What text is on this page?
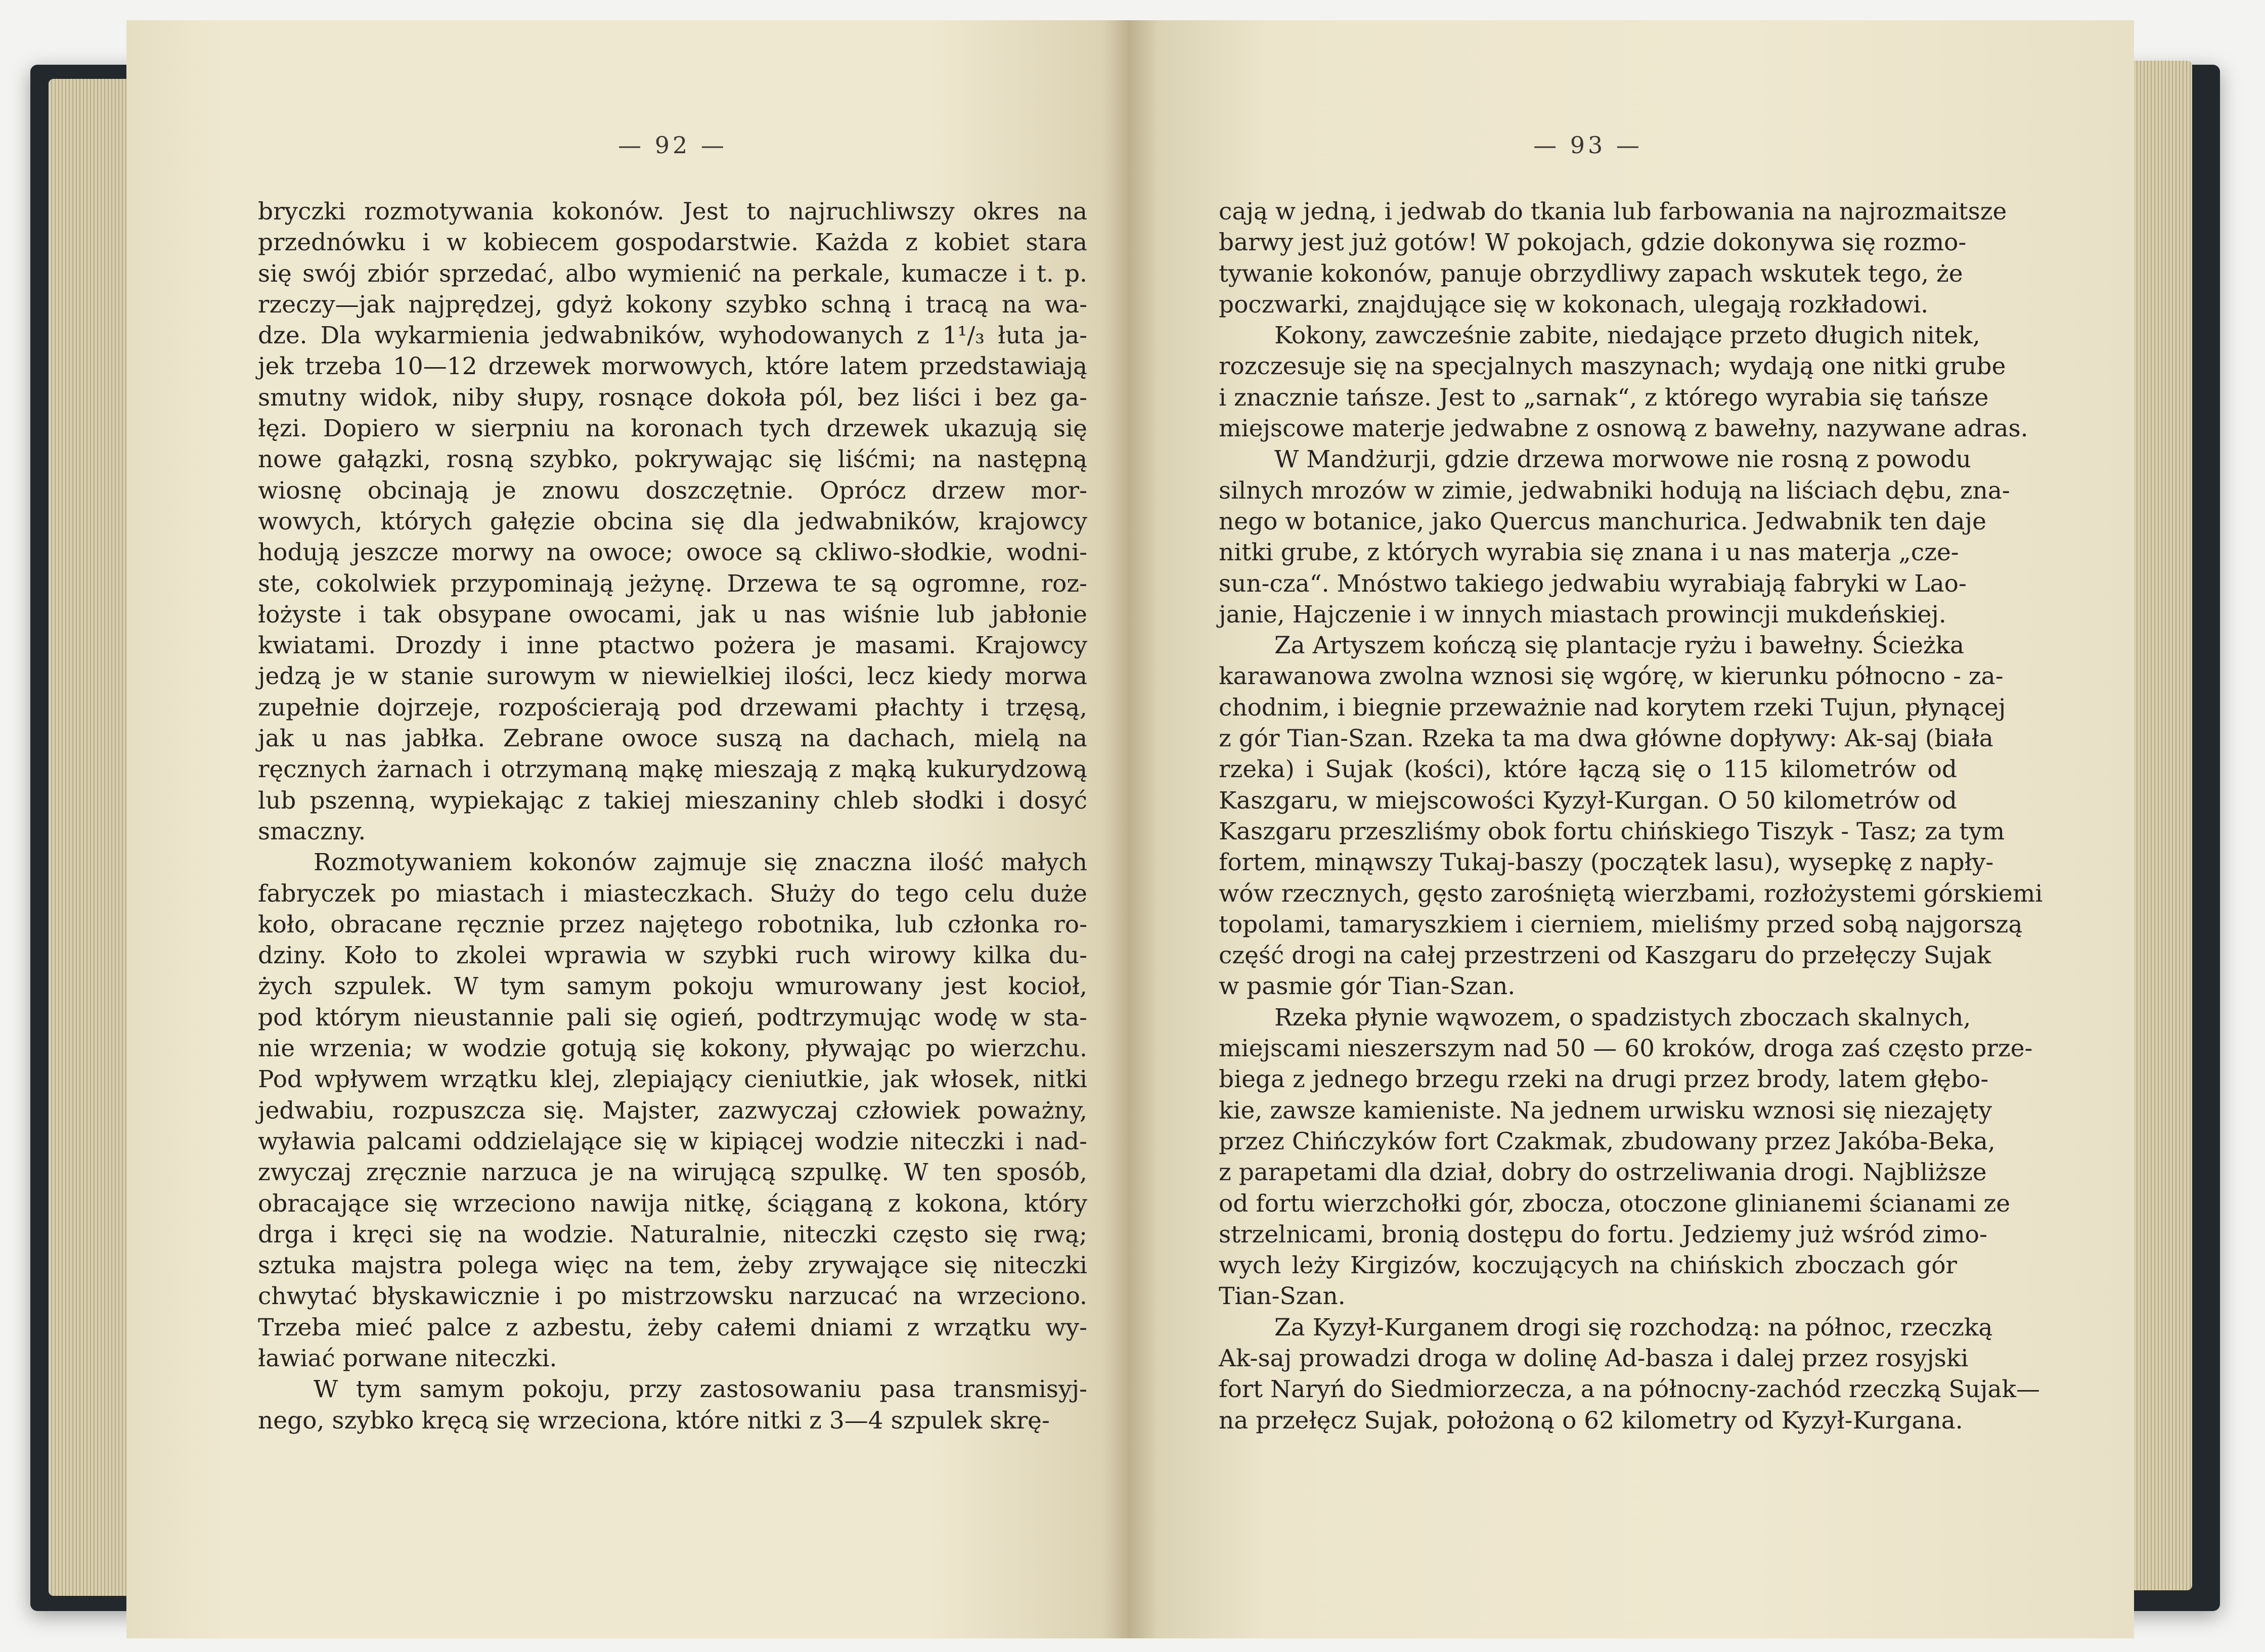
— 92 —
bryczki rozmotywania kokonów. Jest to najruchliwszy okres na
przednówku i w kobiecem gospodarstwie. Każda z kobiet stara
się swój zbiór sprzedać, albo wymienić na perkale, kumacze i t. p.
rzeczy—jak najprędzej, gdyż kokony szybko schną i tracą na wa-
dze. Dla wykarmienia jedwabników, wyhodowanych z 1¹/₃ łuta ja-
jek trzeba 10—12 drzewek morwowych, które latem przedstawiają
smutny widok, niby słupy, rosnące dokoła pól, bez liści i bez ga-
łęzi. Dopiero w sierpniu na koronach tych drzewek ukazują się
nowe gałązki, rosną szybko, pokrywając się liśćmi; na następną
wiosnę obcinają je znowu doszczętnie. Oprócz drzew mor-
wowych, których gałęzie obcina się dla jedwabników, krajowcy
hodują jeszcze morwy na owoce; owoce są ckliwo-słodkie, wodni-
ste, cokolwiek przypominają jeżynę. Drzewa te są ogromne, roz-
łożyste i tak obsypane owocami, jak u nas wiśnie lub jabłonie
kwiatami. Drozdy i inne ptactwo pożera je masami. Krajowcy
jedzą je w stanie surowym w niewielkiej ilości, lecz kiedy morwa
zupełnie dojrzeje, rozpościerają pod drzewami płachty i trzęsą,
jak u nas jabłka. Zebrane owoce suszą na dachach, mielą na
ręcznych żarnach i otrzymaną mąkę mieszają z mąką kukurydzową
lub pszenną, wypiekając z takiej mieszaniny chleb słodki i dosyć
smaczny.
Rozmotywaniem kokonów zajmuje się znaczna ilość małych
fabryczek po miastach i miasteczkach. Służy do tego celu duże
koło, obracane ręcznie przez najętego robotnika, lub członka ro-
dziny. Koło to zkolei wprawia w szybki ruch wirowy kilka du-
żych szpulek. W tym samym pokoju wmurowany jest kocioł,
pod którym nieustannie pali się ogień, podtrzymując wodę w sta-
nie wrzenia; w wodzie gotują się kokony, pływając po wierzchu.
Pod wpływem wrzątku klej, zlepiający cieniutkie, jak włosek, nitki
jedwabiu, rozpuszcza się. Majster, zazwyczaj człowiek poważny,
wyławia palcami oddzielające się w kipiącej wodzie niteczki i nad-
zwyczaj zręcznie narzuca je na wirującą szpulkę. W ten sposób,
obracające się wrzeciono nawija nitkę, ściąganą z kokona, który
drga i kręci się na wodzie. Naturalnie, niteczki często się rwą;
sztuka majstra polega więc na tem, żeby zrywające się niteczki
chwytać błyskawicznie i po mistrzowsku narzucać na wrzeciono.
Trzeba mieć palce z azbestu, żeby całemi dniami z wrzątku wy-
ławiać porwane niteczki.
W tym samym pokoju, przy zastosowaniu pasa transmisyj-
nego, szybko kręcą się wrzeciona, które nitki z 3—4 szpulek skrę-
— 93 —
cają w jedną, i jedwab do tkania lub farbowania na najrozmaitsze
barwy jest już gotów! W pokojach, gdzie dokonywa się rozmo-
tywanie kokonów, panuje obrzydliwy zapach wskutek tego, że
poczwarki, znajdujące się w kokonach, ulegają rozkładowi.
Kokony, zawcześnie zabite, niedające przeto długich nitek,
rozczesuje się na specjalnych maszynach; wydają one nitki grube
i znacznie tańsze. Jest to „sarnak“, z którego wyrabia się tańsze
miejscowe materje jedwabne z osnową z bawełny, nazywane adras.
W Mandżurji, gdzie drzewa morwowe nie rosną z powodu
silnych mrozów w zimie, jedwabniki hodują na liściach dębu, zna-
nego w botanice, jako Quercus manchurica. Jedwabnik ten daje
nitki grube, z których wyrabia się znana i u nas materja „cze-
sun-cza“. Mnóstwo takiego jedwabiu wyrabiają fabryki w Lao-
janie, Hajczenie i w innych miastach prowincji mukdeńskiej.
Za Artyszem kończą się plantacje ryżu i bawełny. Ścieżka
karawanowa zwolna wznosi się wgórę, w kierunku północno - za-
chodnim, i biegnie przeważnie nad korytem rzeki Tujun, płynącej
z gór Tian-Szan. Rzeka ta ma dwa główne dopływy: Ak-saj (biała
rzeka) i Sujak (kości), które łączą się o 115 kilometrów od
Kaszgaru, w miejscowości Kyzył-Kurgan. O 50 kilometrów od
Kaszgaru przeszliśmy obok fortu chińskiego Tiszyk - Tasz; za tym
fortem, minąwszy Tukaj-baszy (początek lasu), wysepkę z napły-
wów rzecznych, gęsto zarośniętą wierzbami, rozłożystemi górskiemi
topolami, tamaryszkiem i cierniem, mieliśmy przed sobą najgorszą
część drogi na całej przestrzeni od Kaszgaru do przełęczy Sujak
w pasmie gór Tian-Szan.
Rzeka płynie wąwozem, o spadzistych zboczach skalnych,
miejscami nieszerszym nad 50 — 60 kroków, droga zaś często prze-
biega z jednego brzegu rzeki na drugi przez brody, latem głębo-
kie, zawsze kamieniste. Na jednem urwisku wznosi się niezajęty
przez Chińczyków fort Czakmak, zbudowany przez Jakóba-Beka,
z parapetami dla dział, dobry do ostrzeliwania drogi. Najbliższe
od fortu wierzchołki gór, zbocza, otoczone glinianemi ścianami ze
strzelnicami, bronią dostępu do fortu. Jedziemy już wśród zimo-
wych leży Kirgizów, koczujących na chińskich zboczach gór
Tian-Szan.
Za Kyzył-Kurganem drogi się rozchodzą: na północ, rzeczką
Ak-saj prowadzi droga w dolinę Ad-basza i dalej przez rosyjski
fort Naryń do Siedmiorzecza, a na północny-zachód rzeczką Sujak—
na przełęcz Sujak, położoną o 62 kilometry od Kyzył-Kurgana.
